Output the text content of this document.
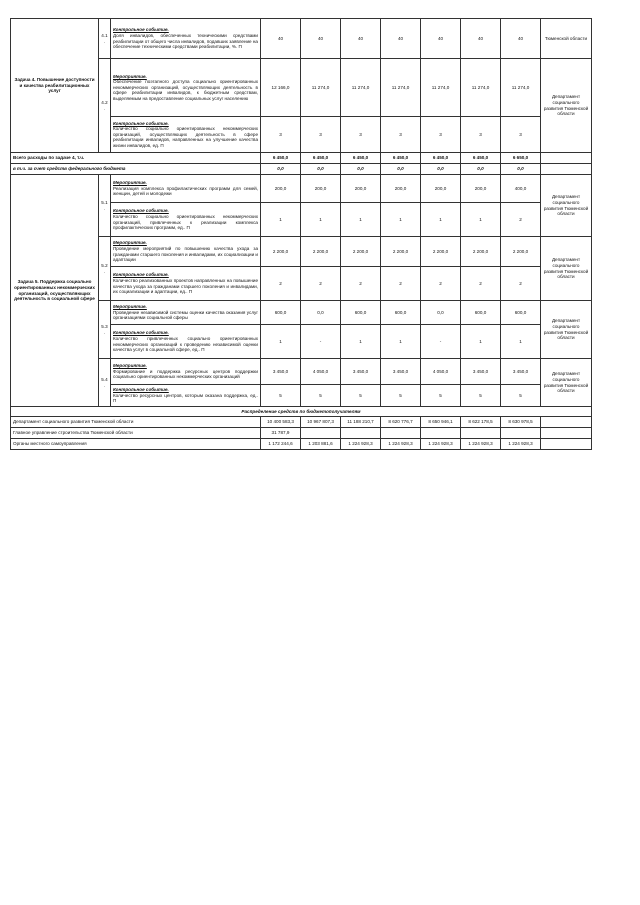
Задача 4. Повышение доступности и качества реабилитационных услуг	4.1.	Контрольное событие.
Доля инвалидов, обеспеченных техническими средствами реабилитации от общего числа инвалидов, подавших заявление на обеспечение техническими средствами реабилитации, %. П	40	40	40	40	40	40	40	Тюменской области
	4.2.	Мероприятие.
Обеспечение поэтапного доступа социально ориентированных некоммерческих организаций, осуществляющих деятельность в сфере реабилитации инвалидов, к бюджетным средствам, выделяемым на предоставление социальных услуг населению	12 166,0	11 274,0	11 274,0	11 274,0	11 274,0	11 274,0	11 274,0	Департамент социального развития Тюменской области
		Контрольное событие.
Количество социально ориентированных некоммерческих организаций, осуществляющих деятельность в сфере реабилитации инвалидов, направленных на улучшение качества жизни инвалидов, ед. П	3	3	3	3	3	3	3	
Всего расходы по задаче 4, т.ч.			6 450,0	6 450,0	6 450,0	6 450,0	6 450,0	6 450,0	6 650,0	
в т.ч. за счет средств федерального бюджета			0,0	0,0	0,0	0,0	0,0	0,0	0,0	
Задача 5. Поддержка социально ориентированных некоммерческих организаций, осуществляющих деятельность в социальной сфере	5.1.	Мероприятие.
Реализация комплекса профилактических программ для семей, женщин, детей и молодежи	200,0	200,0	200,0	200,0	200,0	200,0	400,0	Департамент социального развития Тюменской области
		Контрольное событие.
Количество социально ориентированных некоммерческих организаций, привлеченных к реализации комплекса профилактических программ, ед.. П	1	1	1	1	1	1	2	
	5.2.	Мероприятие.
Проведение мероприятий по повышению качества ухода за гражданами старшего поколения и инвалидами, их социализации и адаптации	2 200,0	2 200,0	2 200,0	2 200,0	2 200,0	2 200,0	2 200,0	Департамент социального развития Тюменской области
		Контрольное событие.
Количество реализованных проектов направленных на повышение качества ухода за гражданами старшего поколения и инвалидами, их социализации и адаптации, ед.. П	2	2	2	2	2	2	2	
	5.3.	Мероприятие.
Проведение независимой системы оценки качества оказания услуг организациями социальной сферы	600,0	0,0	600,0	600,0	0,0	600,0	600,0	Департамент социального развития Тюменской области
		Контрольное событие.
Количество привлеченных социально ориентированных некоммерческих организаций к проведению независимой оценки качества услуг в социальной сфере, ед.. П	1	-	1	1	-	1	1	
	5.4.	Мероприятие.
Формирование и поддержка ресурсных центров поддержки социально ориентированных некоммерческих организаций	3 450,0	4 050,0	3 450,0	3 450,0	4 050,0	3 450,0	3 450,0	Департамент социального развития Тюменской области
		Контрольное событие.
Количество ресурсных центров, которым оказана поддержка, ед.. П	5	5	5	5	5	5	5	
Распределение средств по бюджетополучателям										
Департамент социального развития Тюменской области			10 400 583,3	10 967 807,3	11 188 210,7	8 620 776,7	8 650 946,1	8 622 178,5	8 630 978,5	
Главное управление строительства Тюменской области			31 787,9							
Органы местного самоуправления			1 172 244,6	1 203 881,6	1 224 928,3	1 224 928,3	1 224 928,3	1 224 928,3	1 224 928,3	
